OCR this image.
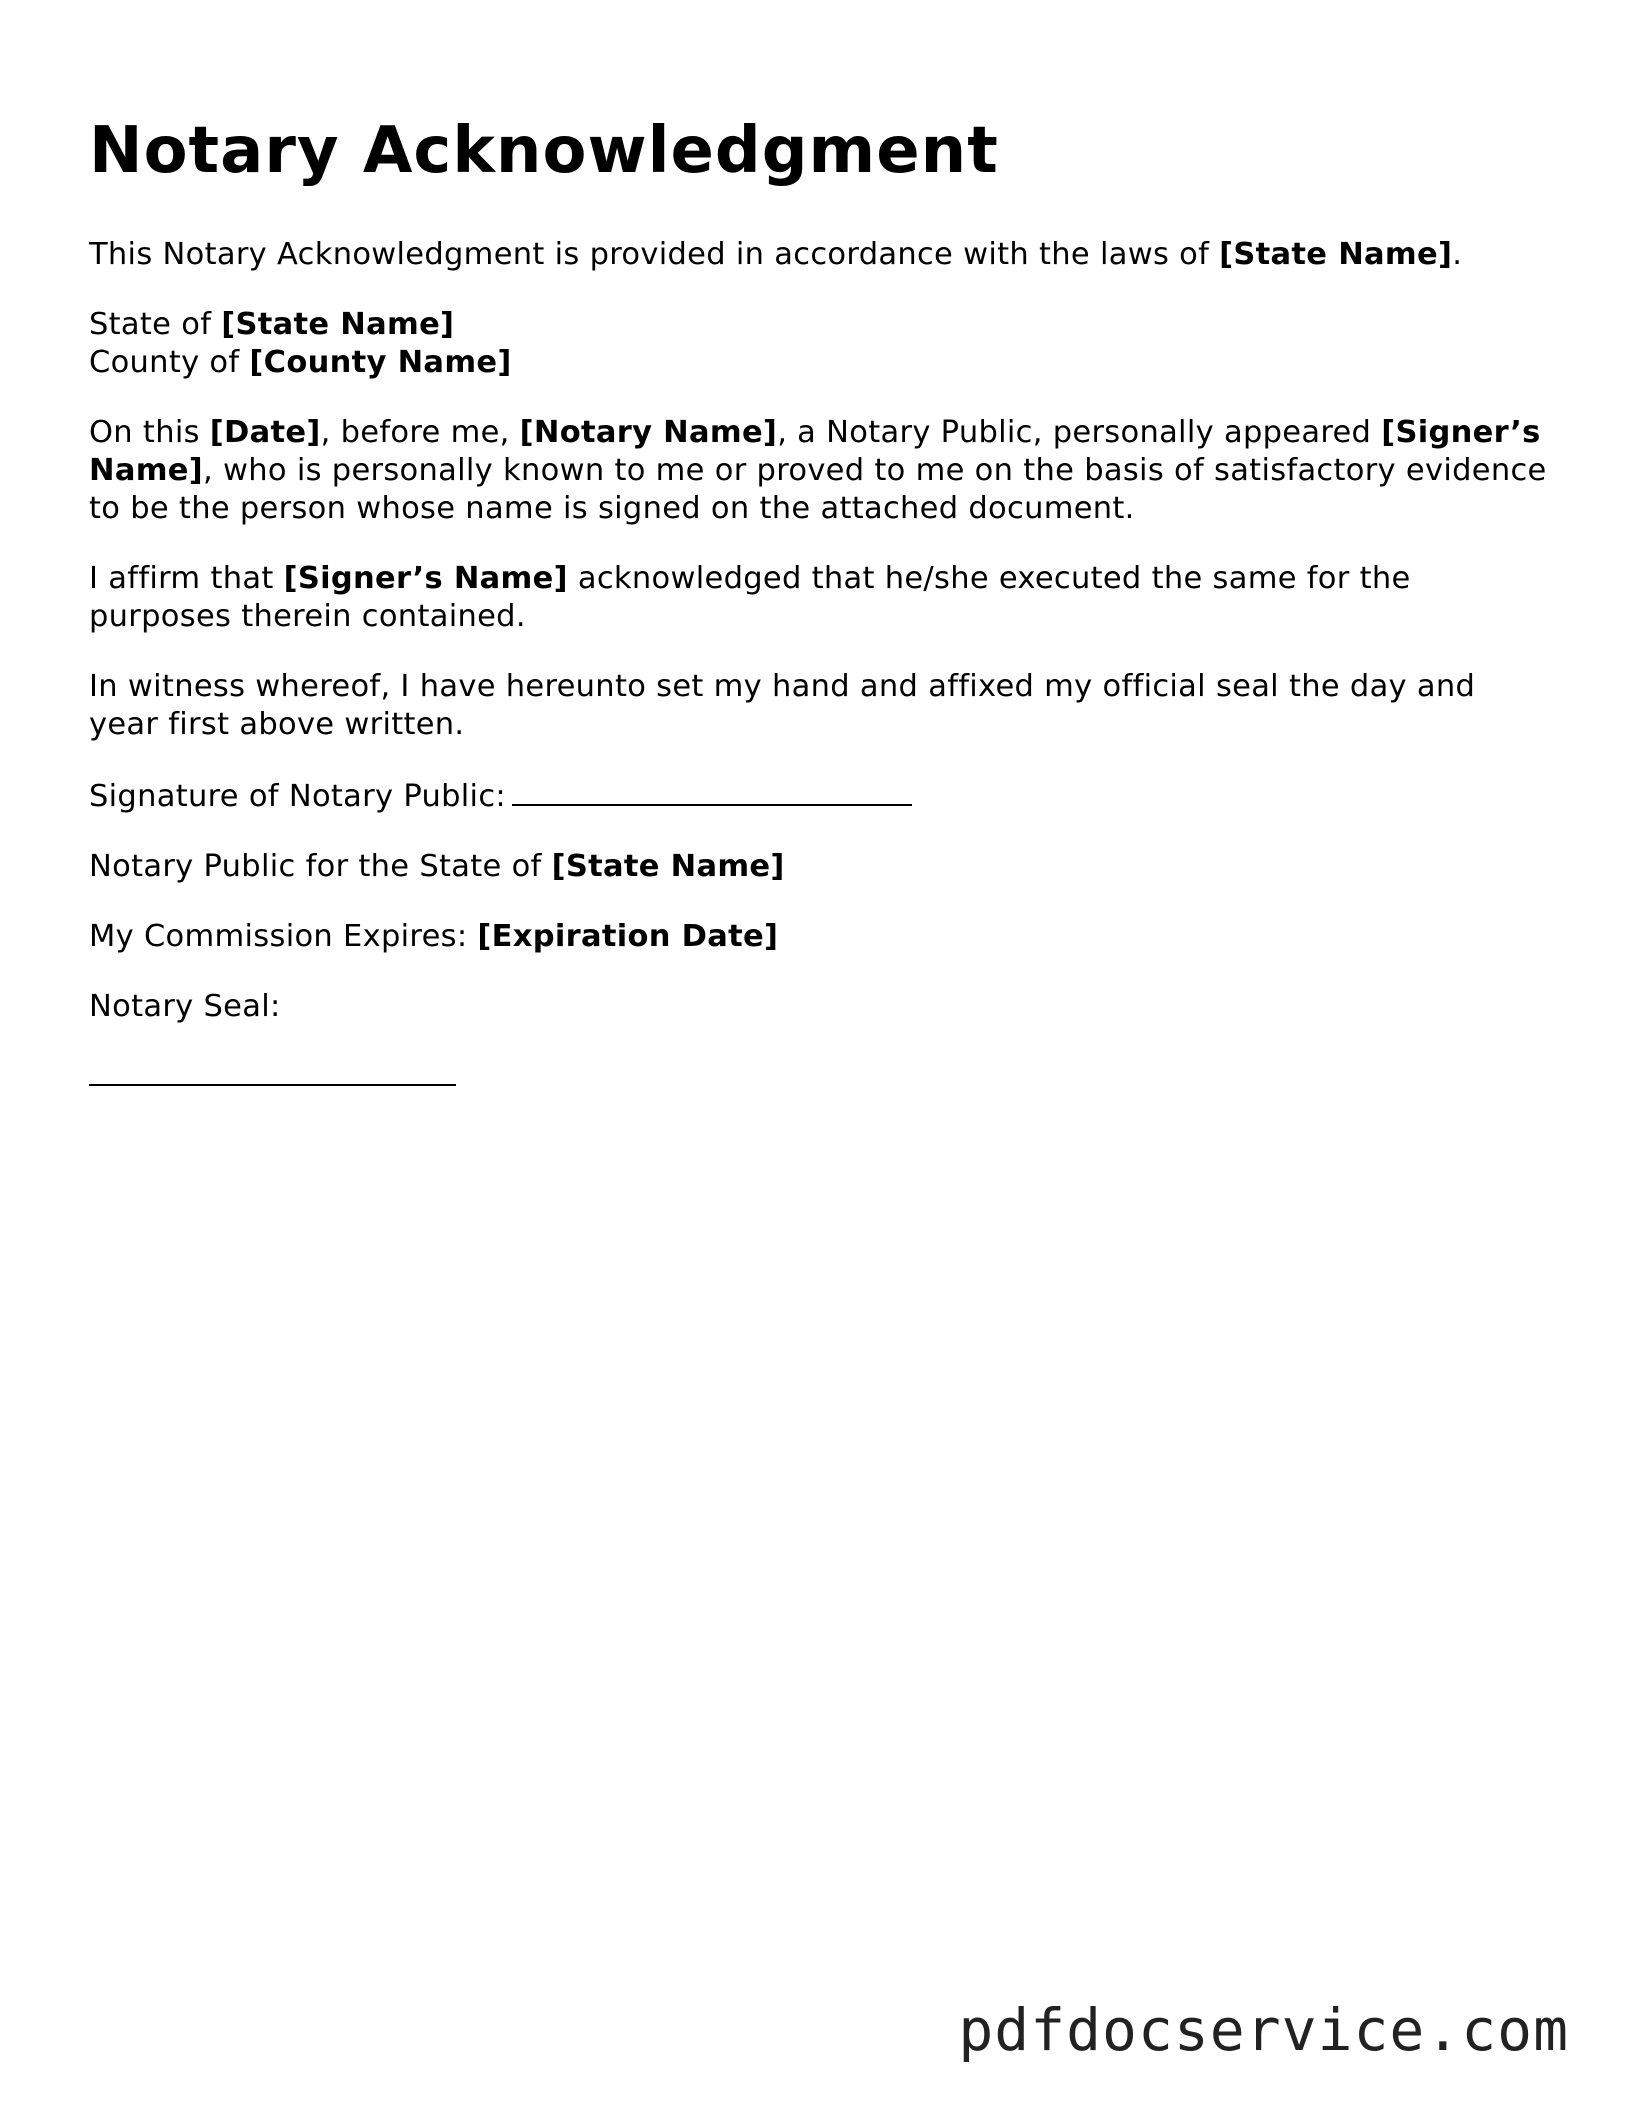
Notary Acknowledgment

This Notary Acknowledgment is provided in accordance with the laws of [State Name].

State of [State Name]
County of [County Name]

On this [Date], before me, [Notary Name], a Notary Public, personally appeared [Signer’s Name], who is personally known to me or proved to me on the basis of satisfactory evidence to be the person whose name is signed on the attached document.

I affirm that [Signer’s Name] acknowledged that he/she executed the same for the purposes therein contained.

In witness whereof, I have hereunto set my hand and affixed my official seal the day and year first above written.

Signature of Notary Public:

Notary Public for the State of [State Name]

My Commission Expires: [Expiration Date]

Notary Seal:

pdfdocservice.com
